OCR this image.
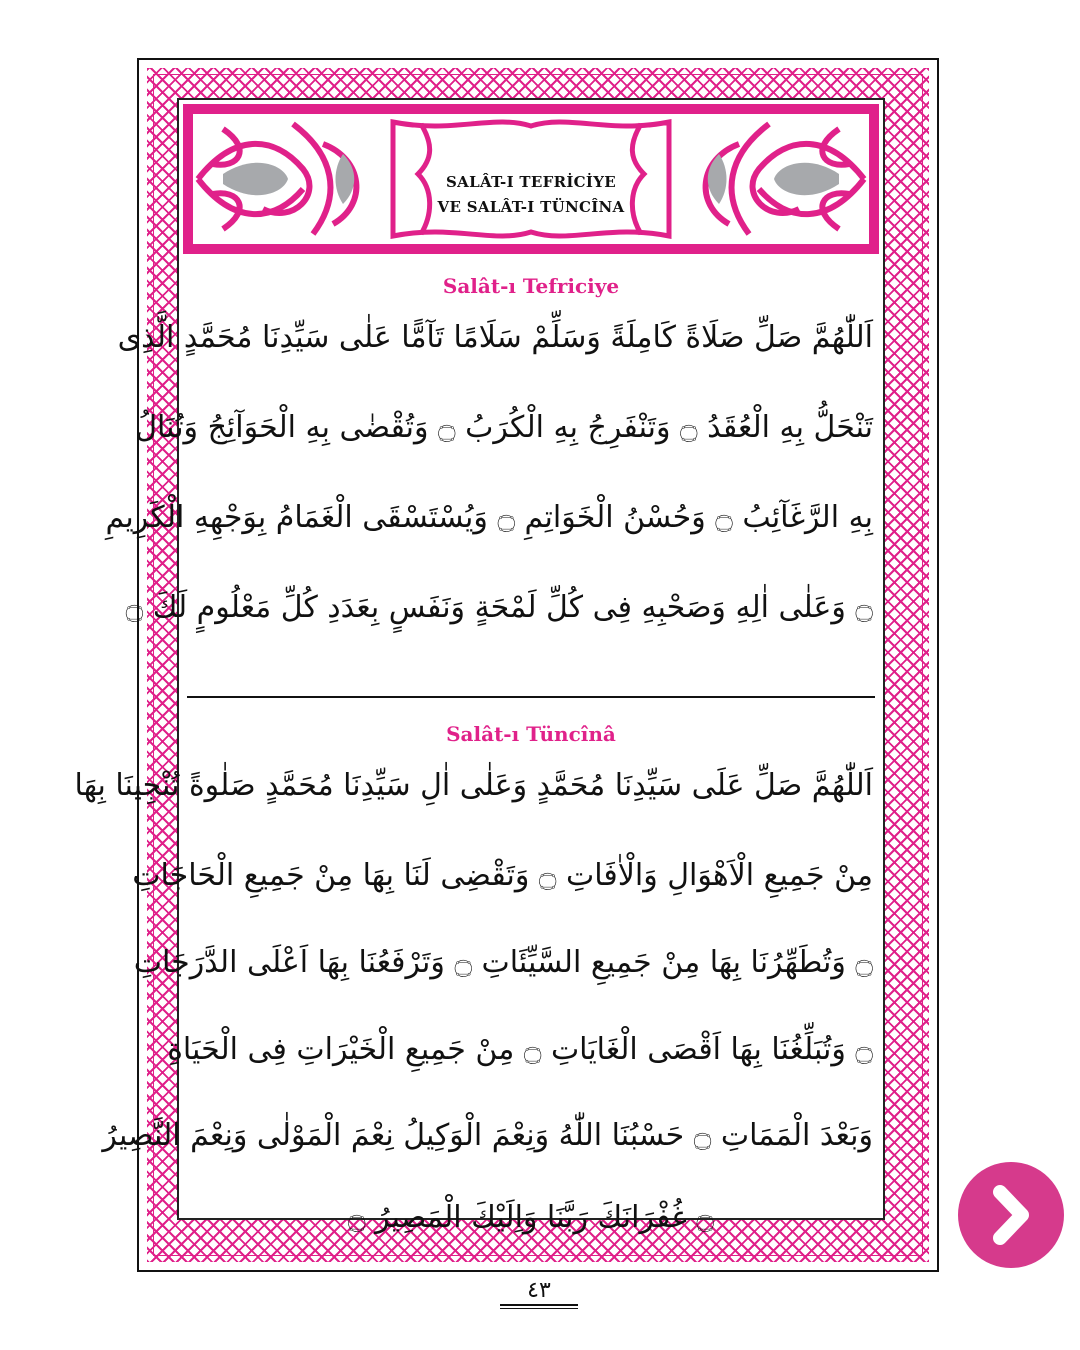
SALÂT-I TEFRİCİYE
VE SALÂT-I TÜNCÎNA
Salât-ı Tefriciye
اَللّٰهُمَّ صَلِّ صَلَاةً كَامِلَةً وَسَلِّمْ سَلَامًا تَآمًّا عَلٰى سَيِّدِنَا مُحَمَّدٍ الَّذِى
تَنْحَلُّ بِهِ الْعُقَدُ ۝ وَتَنْفَرِجُ بِهِ الْكُرَبُ ۝ وَتُقْضٰى بِهِ الْحَوَآئِجُ وَتُنَالُ
بِهِ الرَّغَآئِبُ ۝ وَحُسْنُ الْخَوَاتِمِ ۝ وَيُسْتَسْقَى الْغَمَامُ بِوَجْهِهِ الْكَرِيمِ
۝ وَعَلٰى اٰلِهِ وَصَحْبِهِ فِى كُلِّ لَمْحَةٍ وَنَفَسٍ بِعَدَدِ كُلِّ مَعْلُومٍ لَكَ ۝
Salât-ı Tüncînâ
اَللّٰهُمَّ صَلِّ عَلَى سَيِّدِنَا مُحَمَّدٍ وَعَلٰى اٰلِ سَيِّدِنَا مُحَمَّدٍ صَلٰوةً تُنْجِينَا بِهَا
مِنْ جَمِيعِ الْاَهْوَالِ وَالْاٰفَاتِ ۝ وَتَقْضِى لَنَا بِهَا مِنْ جَمِيعِ الْحَاجَاتِ
۝ وَتُطَهِّرُنَا بِهَا مِنْ جَمِيعِ السَّيِّئَاتِ ۝ وَتَرْفَعُنَا بِهَا اَعْلَى الدَّرَجَاتِ
۝ وَتُبَلِّغُنَا بِهَا اَقْصَى الْغَايَاتِ ۝ مِنْ جَمِيعِ الْخَيْرَاتِ فِى الْحَيَاةِ
وَبَعْدَ الْمَمَاتِ ۝ حَسْبُنَا اللّٰهُ وَنِعْمَ الْوَكِيلُ نِعْمَ الْمَوْلٰى وَنِعْمَ النَّصِيرُ
۝ غُفْرَانَكَ رَبَّنَا وَاِلَيْكَ الْمَصِيرُ ۝
٤٣
